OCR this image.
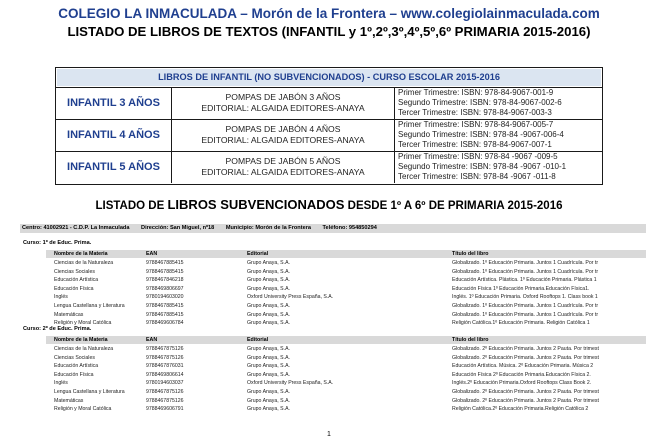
COLEGIO LA INMACULADA – Morón de la Frontera – www.colegiolainmaculada.com
LISTADO DE LIBROS DE TEXTOS (INFANTIL y 1º,2º,3º,4º,5º,6º PRIMARIA 2015-2016)
LIBROS DE INFANTIL (NO SUBVENCIONADOS) - CURSO ESCOLAR 2015-2016
INFANTIL 3 AÑOS	POMPAS DE JABÓN 3 AÑOS
EDITORIAL: ALGAIDA EDITORES-ANAYA
Primer Trimestre: ISBN: 978-84-9067-001-9
Segundo Trimestre: ISBN: 978-84-9067-002-6
Tercer Trimestre: ISBN: 978-84-9067-003-3
INFANTIL 4 AÑOS	POMPAS DE JABÓN 4 AÑOS
EDITORIAL: ALGAIDA EDITORES-ANAYA
Primer Trimestre: ISBN: 978-84-9067-005-7
Segundo Trimestre: ISBN: 978-84 -9067-006-4
Tercer Trimestre: ISBN: 978-84-9067-007-1
INFANTIL 5 AÑOS	POMPAS DE JABÓN 5 AÑOS
EDITORIAL: ALGAIDA EDITORES-ANAYA
Primer Trimestre: ISBN: 978-84 -9067 -009-5
Segundo Trimestre: ISBN: 978-84 -9067 -010-1
Tercer Trimestre: ISBN: 978-84 -9067 -011-8
LISTADO DE LIBROS SUBVENCIONADOS DESDE 1º A 6º DE PRIMARIA 2015-2016
Centro: 41002921 - C.D.P. La Inmaculada Dirección: San Miguel, nº18 Municipio: Morón de la Frontera Teléfono: 954850294
Curso: 1º de Educ. Prima.
Nombre de la Materia	EAN	Editorial	Título del libro
Ciencias de la Naturaleza	9788467885415	Grupo Anaya, S.A.	Globalizado. 1º Educación Primaria. Juntos 1 Cuadrícula. Por tr
Ciencias Sociales	9788467885415	Grupo Anaya, S.A.	Globalizado. 1º Educación Primaria. Juntos 1 Cuadrícula. Por tr
Educación Artística	9788467846218	Grupo Anaya, S.A.	Educación Artística. Plástica. 1º Educación Primaria. Plástica 1
Educación Física	9788469806697	Grupo Anaya, S.A.	Educación Física 1º Educación Primaria.Educación Física1.
Inglés	9780194603020	Oxford University Press España, S.A.	Inglés. 1º Educación Primaria. Oxford Rooftops 1. Class book 1
Lengua Castellana y Literatura	9788467885415	Grupo Anaya, S.A.	Globalizado. 1º Educación Primaria. Juntos 1 Cuadrícula. Por tr
Matemáticas	9788467885415	Grupo Anaya, S.A.	Globalizado. 1º Educación Primaria. Juntos 1 Cuadrícula. Por tr
Religión y Moral Católica	9788469606784	Grupo Anaya, S.A.	Religión Católica.1º Educación Primaria. Religión Católica 1
Curso: 2º de Educ. Prima.
Nombre de la Materia	EAN	Editorial	Título del libro
Ciencias de la Naturaleza	9788467875126	Grupo Anaya, S.A.	Globalizado. 2º Educación Primaria. Juntos 2 Pauta. Por trimest
Ciencias Sociales	9788467875126	Grupo Anaya, S.A.	Globalizado. 2º Educación Primaria. Juntos 2 Pauta. Por trimest
Educación Artística	9788467876031	Grupo Anaya, S.A.	Educación Artística. Música. 2º Educación Primaria. Música 2
Educación Física	9788469806614	Grupo Anaya, S.A.	Educación Física 2º Educación Primaria.Educación Física 2.
Inglés	9780194603037	Oxford University Press España, S.A.	Inglés.2º Educación Primaria.Oxford Rooftops Class Book 2.
Lengua Castellana y Literatura	9788467875126	Grupo Anaya, S.A.	Globalizado. 2º Educación Primaria. Juntos 2 Pauta. Por trimest
Matemáticas	9788467875126	Grupo Anaya, S.A.	Globalizado. 2º Educación Primaria. Juntos 2 Pauta. Por trimest
Religión y Moral Católica	9788469606791	Grupo Anaya, S.A.	Religión Católica.2º Educación Primaria.Religión Católica 2
1
